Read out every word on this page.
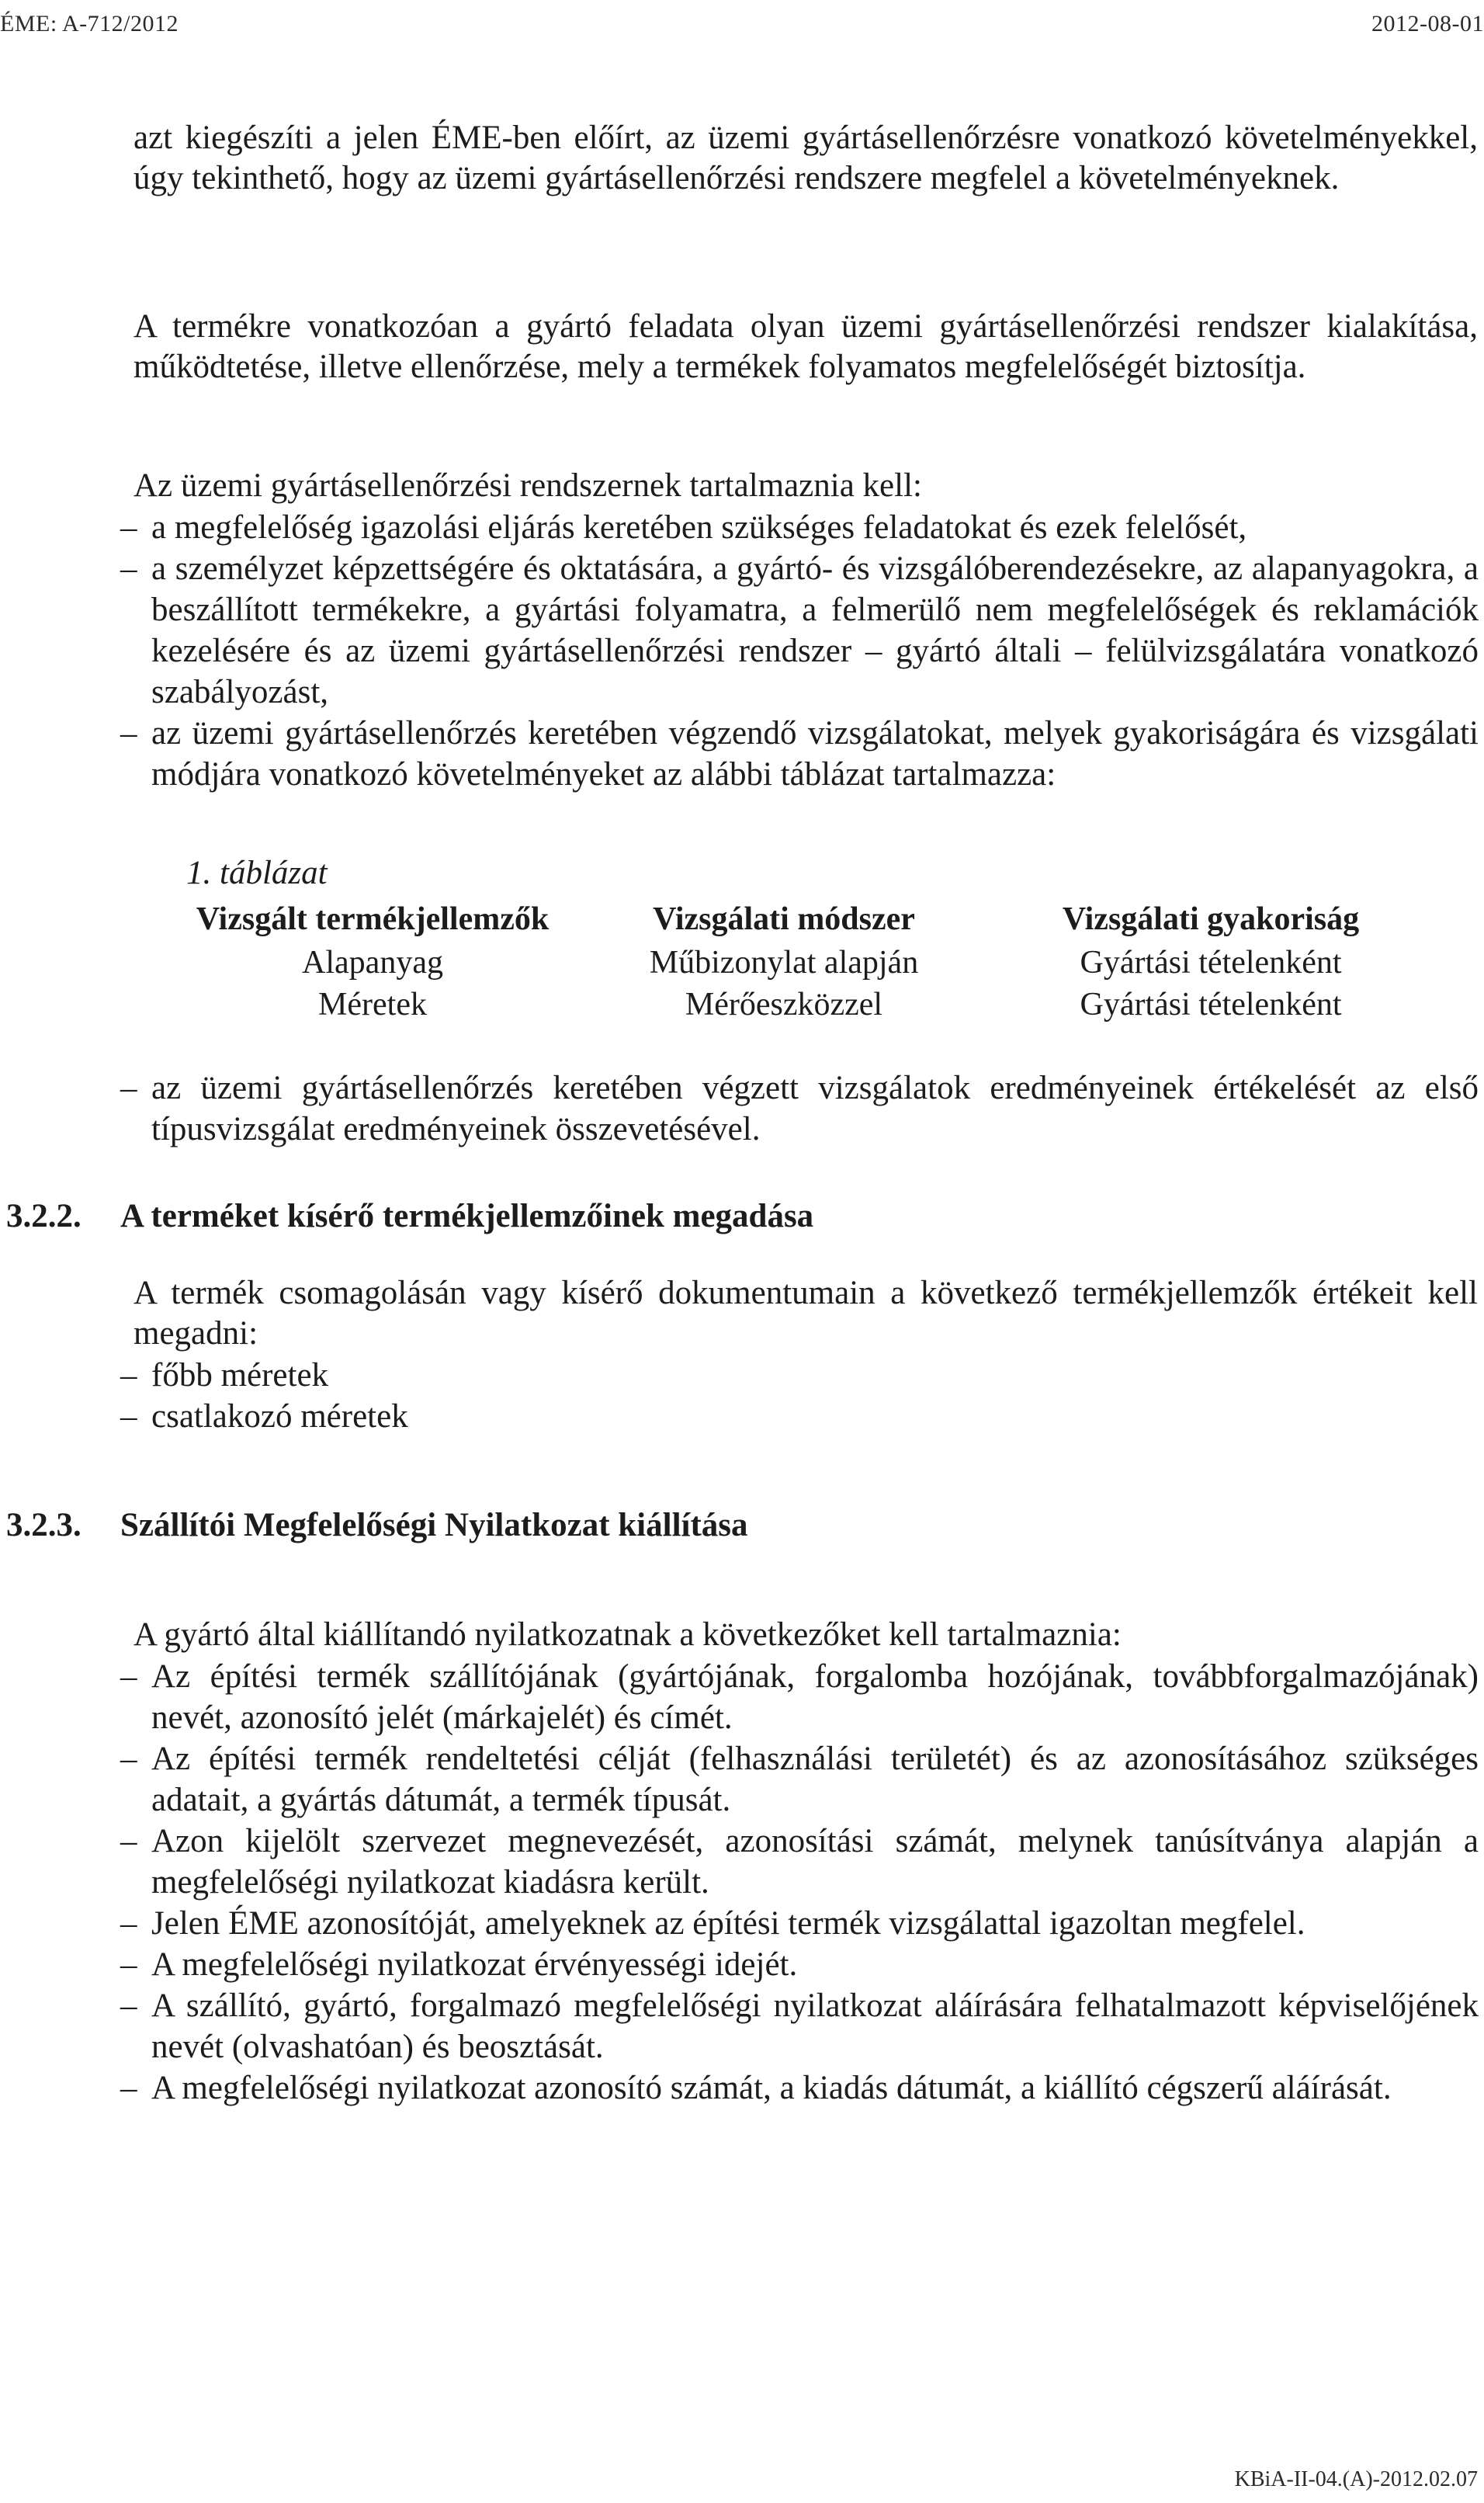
ÉME: A-712/2012	2012-08-01
azt kiegészíti a jelen ÉME-ben előírt, az üzemi gyártásellenőrzésre vonatkozó követelményekkel, úgy tekinthető, hogy az üzemi gyártásellenőrzési rendszere megfelel a követelményeknek.
A termékre vonatkozóan a gyártó feladata olyan üzemi gyártásellenőrzési rendszer kialakítása, működtetése, illetve ellenőrzése, mely a termékek folyamatos megfelelőségét biztosítja.
Az üzemi gyártásellenőrzési rendszernek tartalmaznia kell:
– a megfelelőség igazolási eljárás keretében szükséges feladatokat és ezek felelősét,
– a személyzet képzettségére és oktatására, a gyártó- és vizsgálóberendezésekre, az alapanyagokra, a beszállított termékekre, a gyártási folyamatra, a felmerülő nem megfelelőségek és reklamációk kezelésére és az üzemi gyártásellenőrzési rendszer – gyártó általi – felülvizsgálatára vonatkozó szabályozást,
– az üzemi gyártásellenőrzés keretében végzendő vizsgálatokat, melyek gyakoriságára és vizsgálati módjára vonatkozó követelményeket az alábbi táblázat tartalmazza:
1. táblázat
Vizsgált termékjellemzők	Vizsgálati módszer	Vizsgálati gyakoriság
Alapanyag	Műbizonylat alapján	Gyártási tételenként
Méretek	Mérőeszközzel	Gyártási tételenként
– az üzemi gyártásellenőrzés keretében végzett vizsgálatok eredményeinek értékelését az első típusvizsgálat eredményeinek összevetésével.
3.2.2. A terméket kísérő termékjellemzőinek megadása
A termék csomagolásán vagy kísérő dokumentumain a következő termékjellemzők értékeit kell megadni:
– főbb méretek
– csatlakozó méretek
3.2.3. Szállítói Megfelelőségi Nyilatkozat kiállítása
A gyártó által kiállítandó nyilatkozatnak a következőket kell tartalmaznia:
– Az építési termék szállítójának (gyártójának, forgalomba hozójának, továbbforgalmazójának) nevét, azonosító jelét (márkajelét) és címét.
– Az építési termék rendeltetési célját (felhasználási területét) és az azonosításához szükséges adatait, a gyártás dátumát, a termék típusát.
– Azon kijelölt szervezet megnevezését, azonosítási számát, melynek tanúsítványa alapján a megfelelőségi nyilatkozat kiadásra került.
– Jelen ÉME azonosítóját, amelyeknek az építési termék vizsgálattal igazoltan megfelel.
– A megfelelőségi nyilatkozat érvényességi idejét.
– A szállító, gyártó, forgalmazó megfelelőségi nyilatkozat aláírására felhatalmazott képviselőjének nevét (olvashatóan) és beosztását.
– A megfelelőségi nyilatkozat azonosító számát, a kiadás dátumát, a kiállító cégszerű aláírását.
KBiA-II-04.(A)-2012.02.07
